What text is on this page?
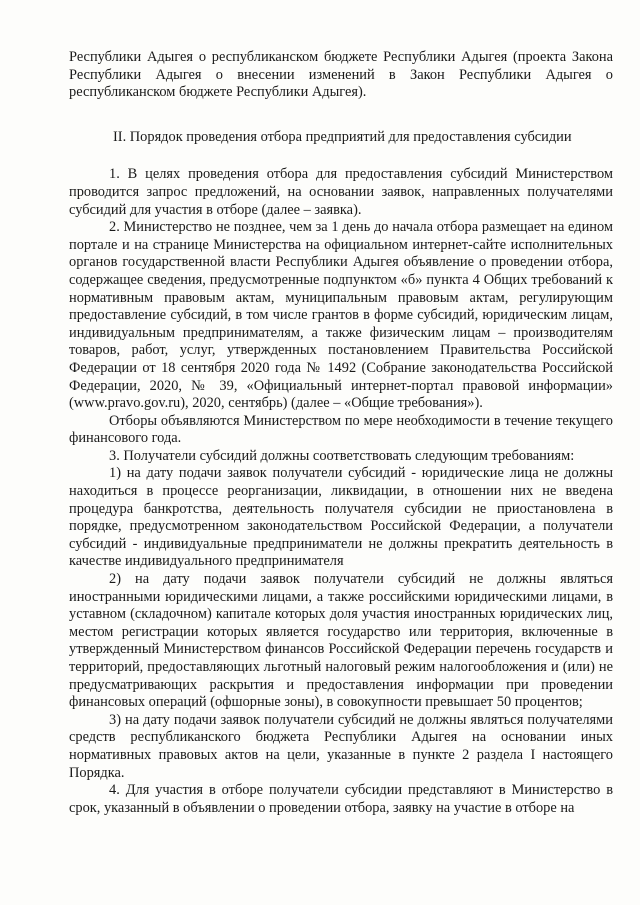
Республики Адыгея о республиканском бюджете Республики Адыгея (проекта Закона Республики Адыгея о внесении изменений в Закон Республики Адыгея о республиканском бюджете Республики Адыгея).

II. Порядок проведения отбора предприятий для предоставления субсидии

1. В целях проведения отбора для предоставления субсидий Министерством проводится запрос предложений, на основании заявок, направленных получателями субсидий для участия в отборе (далее – заявка).

2. Министерство не позднее, чем за 1 день до начала отбора размещает на едином портале и на странице Министерства на официальном интернет-сайте исполнительных органов государственной власти Республики Адыгея объявление о проведении отбора, содержащее сведения, предусмотренные подпунктом «б» пункта 4 Общих требований к нормативным правовым актам, муниципальным правовым актам, регулирующим предоставление субсидий, в том числе грантов в форме субсидий, юридическим лицам, индивидуальным предпринимателям, а также физическим лицам – производителям товаров, работ, услуг, утвержденных постановлением Правительства Российской Федерации от 18 сентября 2020 года № 1492 (Собрание законодательства Российской Федерации, 2020, № 39, «Официальный интернет-портал правовой информации» (www.pravo.gov.ru), 2020, сентябрь) (далее – «Общие требования»).

Отборы объявляются Министерством по мере необходимости в течение текущего финансового года.

3. Получатели субсидий должны соответствовать следующим требованиям:

1) на дату подачи заявок получатели субсидий - юридические лица не должны находиться в процессе реорганизации, ликвидации, в отношении них не введена процедура банкротства, деятельность получателя субсидии не приостановлена в порядке, предусмотренном законодательством Российской Федерации, а получатели субсидий - индивидуальные предприниматели не должны прекратить деятельность в качестве индивидуального предпринимателя

2) на дату подачи заявок получатели субсидий не должны являться иностранными юридическими лицами, а также российскими юридическими лицами, в уставном (складочном) капитале которых доля участия иностранных юридических лиц, местом регистрации которых является государство или территория, включенные в утвержденный Министерством финансов Российской Федерации перечень государств и территорий, предоставляющих льготный налоговый режим налогообложения и (или) не предусматривающих раскрытия и предоставления информации при проведении финансовых операций (офшорные зоны), в совокупности превышает 50 процентов;

3) на дату подачи заявок получатели субсидий не должны являться получателями средств республиканского бюджета Республики Адыгея на основании иных нормативных правовых актов на цели, указанные в пункте 2 раздела I настоящего Порядка.

4. Для участия в отборе получатели субсидии представляют в Министерство в срок, указанный в объявлении о проведении отбора, заявку на участие в отборе на
